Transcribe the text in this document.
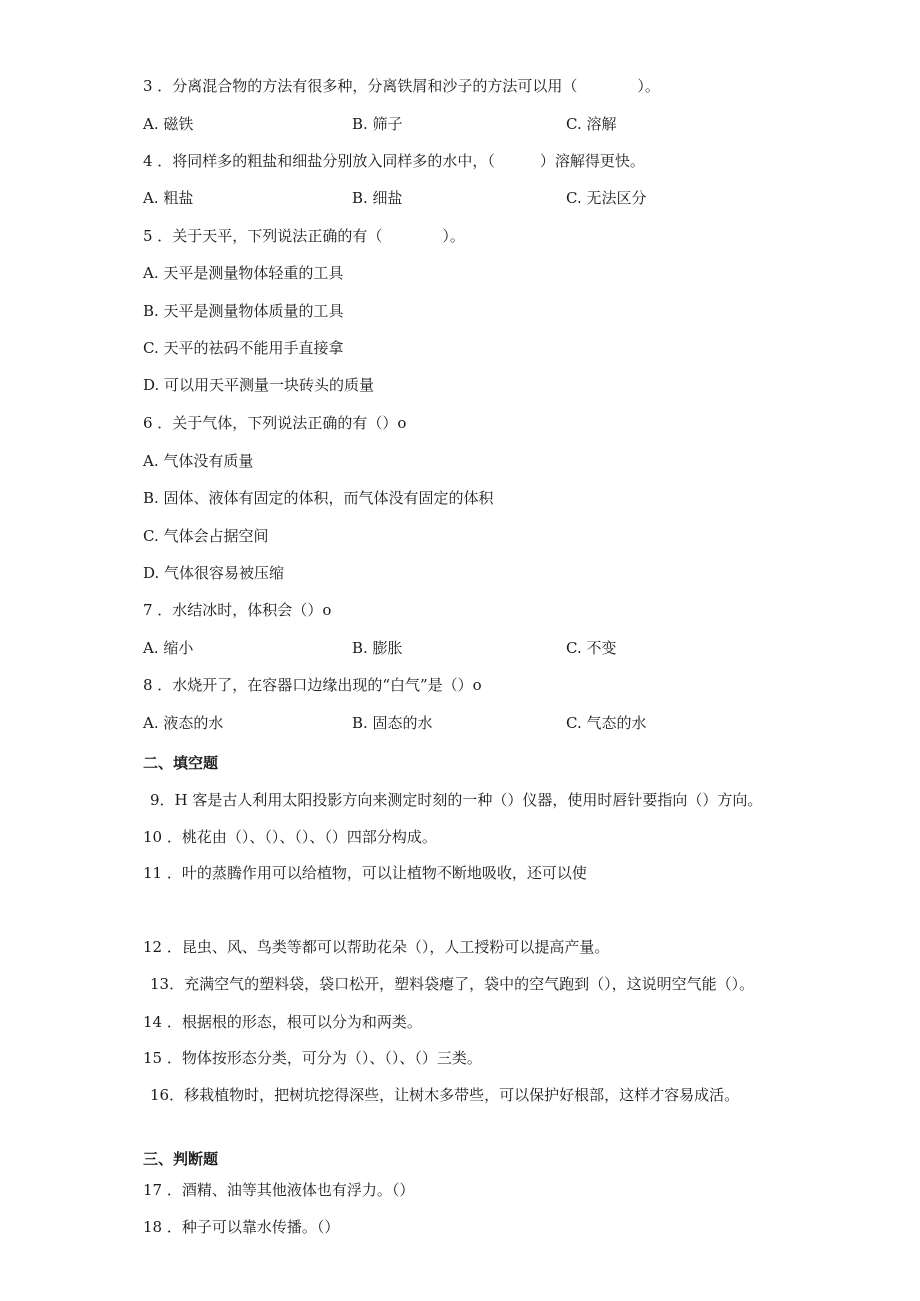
3 ．分离混合物的方法有很多种，分离铁屑和沙子的方法可以用（　　　　）。
A. 磁铁	B. 筛子	C. 溶解
4 ．将同样多的粗盐和细盐分别放入同样多的水中，（　　　）溶解得更快。
A. 粗盐	B. 细盐	C. 无法区分
5 ．关于天平，下列说法正确的有（　　　　）。
A. 天平是测量物体轻重的工具
B. 天平是测量物体质量的工具
C. 天平的祛码不能用手直接拿
D. 可以用天平测量一块砖头的质量
6 ．关于气体，下列说法正确的有（）o
A. 气体没有质量
B. 固体、液体有固定的体积，而气体没有固定的体积
C. 气体会占据空间
D. 气体很容易被压缩
7 ．水结冰时，体积会（）o
A. 缩小	B. 膨胀	C. 不变
8 ．水烧开了，在容器口边缘出现的“白气”是（）o
A. 液态的水	B. 固态的水	C. 气态的水
二、填空题
9．H 客是古人利用太阳投影方向来测定时刻的一种（）仪器，使用时唇针要指向（）方向。
10 ．桃花由（）、（）、（）、（）四部分构成。
11 ．叶的蒸腾作用可以给植物，可以让植物不断地吸收，还可以使
12 ．昆虫、风、鸟类等都可以帮助花朵（），人工授粉可以提高产量。
13．充满空气的塑料袋，袋口松开，塑料袋瘪了，袋中的空气跑到（），这说明空气能（）。
14 ．根据根的形态，根可以分为和两类。
15 ．物体按形态分类，可分为（）、（）、（）三类。
16．移栽植物时，把树坑挖得深些，让树木多带些，可以保护好根部，这样才容易成活。
三、判断题
17 ．酒精、油等其他液体也有浮力。（）
18 ．种子可以靠水传播。（）
